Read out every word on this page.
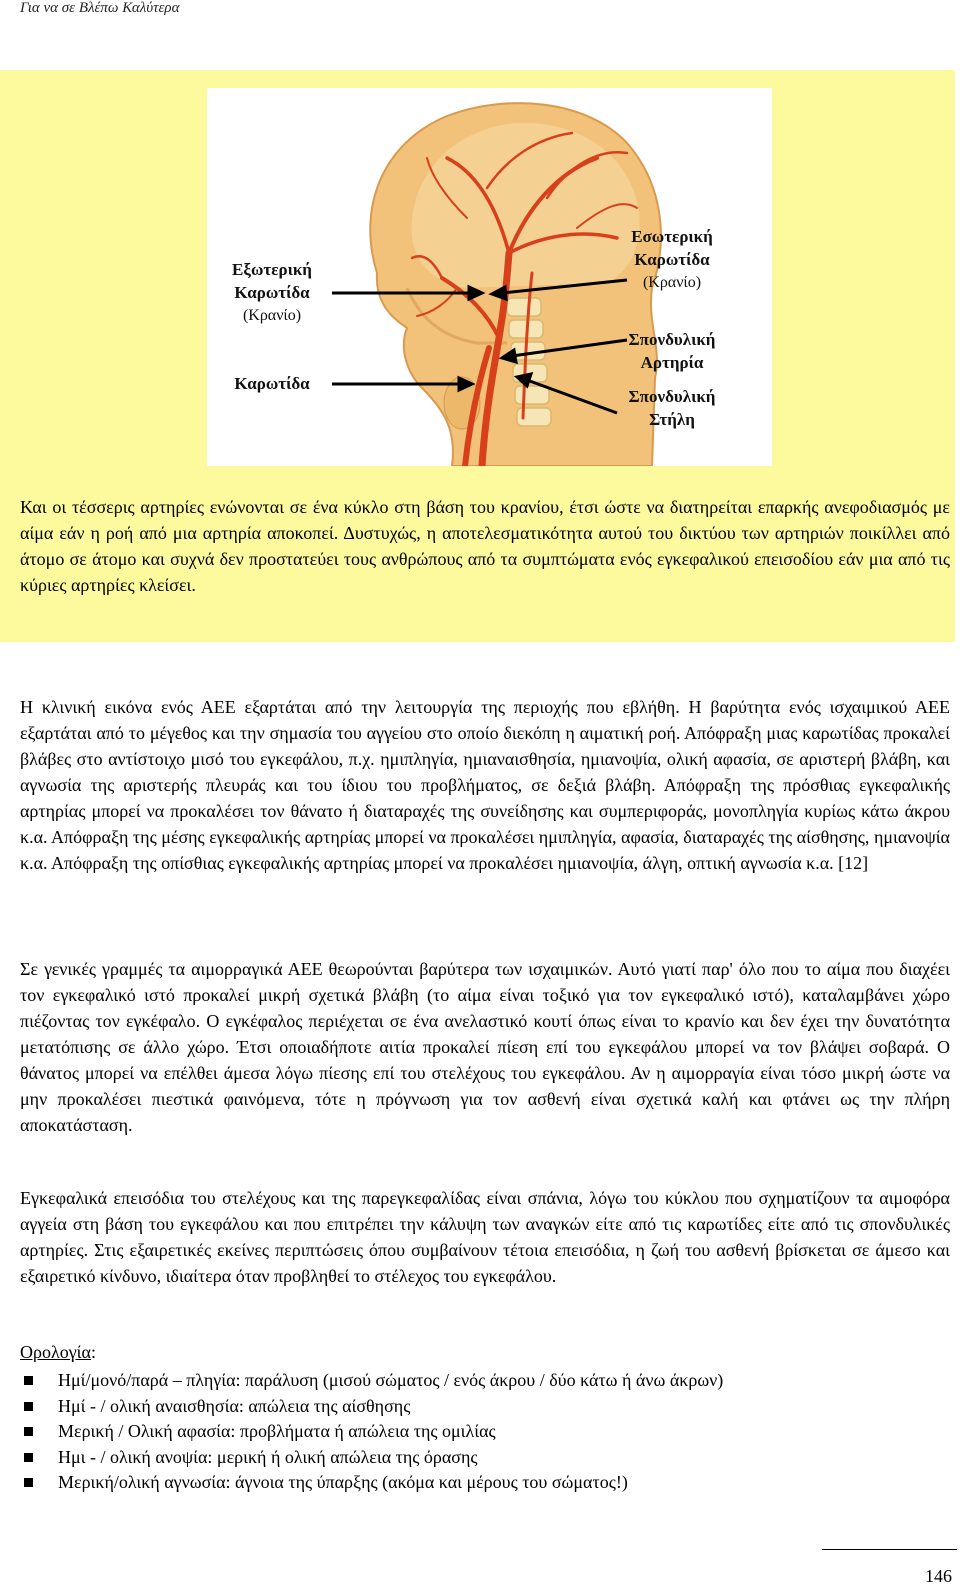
Για να σε Βλέπω Καλύτερα
Εξωτερική
Καρωτίδα
(Κρανίο)
Καρωτίδα
Εσωτερική
Καρωτίδα
(Κρανίο)
Σπονδυλική
Αρτηρία
Σπονδυλική
Στήλη
Και οι τέσσερις αρτηρίες ενώνονται σε ένα κύκλο στη βάση του κρανίου, έτσι ώστε να διατηρείται επαρκής ανεφοδιασμός με αίμα εάν η ροή από μια αρτηρία αποκοπεί. Δυστυχώς, η αποτελεσματικότητα αυτού του δικτύου των αρτηριών ποικίλλει από άτομο σε άτομο και συχνά δεν προστατεύει τους ανθρώπους από τα συμπτώματα ενός εγκεφαλικού επεισοδίου εάν μια από τις κύριες αρτηρίες κλείσει.
Η κλινική εικόνα ενός ΑΕΕ εξαρτάται από την λειτουργία της περιοχής που εβλήθη. Η βαρύτητα ενός ισχαιμικού ΑΕΕ εξαρτάται από το μέγεθος και την σημασία του αγγείου στο οποίο διεκόπη η αιματική ροή. Απόφραξη μιας καρωτίδας προκαλεί βλάβες στο αντίστοιχο μισό του εγκεφάλου, π.χ. ημιπληγία, ημιαναισθησία, ημιανοψία, ολική αφασία, σε αριστερή βλάβη, και αγνωσία της αριστερής πλευράς και του ίδιου του προβλήματος, σε δεξιά βλάβη. Απόφραξη της πρόσθιας εγκεφαλικής αρτηρίας μπορεί να προκαλέσει τον θάνατο ή διαταραχές της συνείδησης και συμπεριφοράς, μονοπληγία κυρίως κάτω άκρου κ.α. Απόφραξη της μέσης εγκεφαλικής αρτηρίας μπορεί να προκαλέσει ημιπληγία, αφασία, διαταραχές της αίσθησης, ημιανοψία κ.α. Απόφραξη της οπίσθιας εγκεφαλικής αρτηρίας μπορεί να προκαλέσει ημιανοψία, άλγη, οπτική αγνωσία κ.α. [12]
Σε γενικές γραμμές τα αιμορραγικά ΑΕΕ θεωρούνται βαρύτερα των ισχαιμικών. Αυτό γιατί παρ' όλο που το αίμα που διαχέει τον εγκεφαλικό ιστό προκαλεί μικρή σχετικά βλάβη (το αίμα είναι τοξικό για τον εγκεφαλικό ιστό), καταλαμβάνει χώρο πιέζοντας τον εγκέφαλο. Ο εγκέφαλος περιέχεται σε ένα ανελαστικό κουτί όπως είναι το κρανίο και δεν έχει την δυνατότητα μετατόπισης σε άλλο χώρο. Έτσι οποιαδήποτε αιτία προκαλεί πίεση επί του εγκεφάλου μπορεί να τον βλάψει σοβαρά. Ο θάνατος μπορεί να επέλθει άμεσα λόγω πίεσης επί του στελέχους του εγκεφάλου. Αν η αιμορραγία είναι τόσο μικρή ώστε να μην προκαλέσει πιεστικά φαινόμενα, τότε η πρόγνωση για τον ασθενή είναι σχετικά καλή και φτάνει ως την πλήρη αποκατάσταση.
Εγκεφαλικά επεισόδια του στελέχους και της παρεγκεφαλίδας είναι σπάνια, λόγω του κύκλου που σχηματίζουν τα αιμοφόρα αγγεία στη βάση του εγκεφάλου και που επιτρέπει την κάλυψη των αναγκών είτε από τις καρωτίδες είτε από τις σπονδυλικές αρτηρίες. Στις εξαιρετικές εκείνες περιπτώσεις όπου συμβαίνουν τέτοια επεισόδια, η ζωή του ασθενή βρίσκεται σε άμεσο και εξαιρετικό κίνδυνο, ιδιαίτερα όταν προβληθεί το στέλεχος του εγκεφάλου.
Ορολογία:
Ημί/μονό/παρά – πληγία: παράλυση (μισού σώματος / ενός άκρου / δύο κάτω ή άνω άκρων)
Ημί - / ολική αναισθησία: απώλεια της αίσθησης
Μερική / Ολική αφασία: προβλήματα ή απώλεια της ομιλίας
Ημι - / ολική ανοψία: μερική ή ολική απώλεια της όρασης
Μερική/ολική αγνωσία: άγνοια της ύπαρξης (ακόμα και μέρους του σώματος!)
146
